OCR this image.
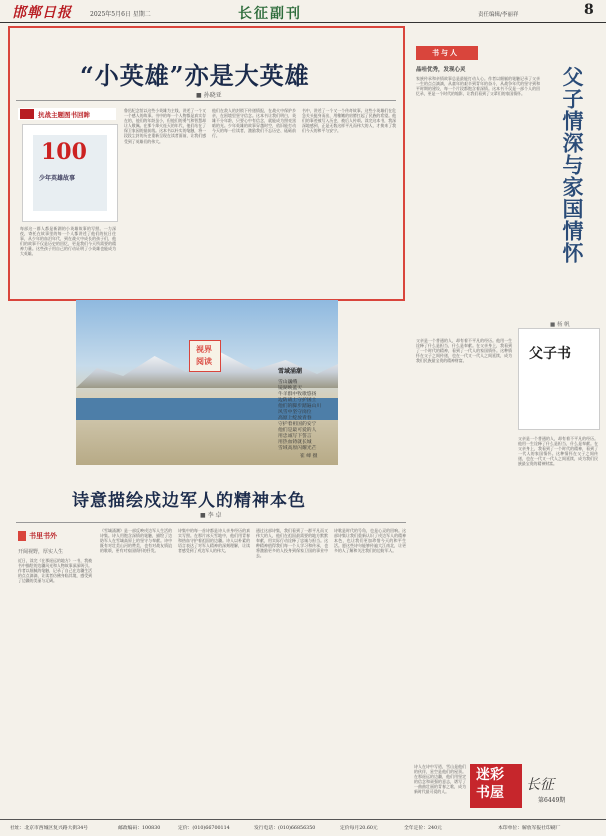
邯郸日报	2025年5月6日 星期二	长征副刊	责任编辑/李丽祥	8
“小英雄”亦是大英雄
■ 孙晓亚
抗战主题图书回眸
100
少年英雄故事
每部这一群人都是新湖的小英雄故事的写照。一力深夜，寄托在故事里的每一个人都讲述了他们的抗日往事，从少年的血泪年代，到在战火中成长的孩子们，他们的故事不仅是历史的回忆，更是我们今天所需要的精神力量。这些孩子用自己的行动证明了小英雄也能成为大英雄。
鲁迅纪念馆以这些小英雄为主线，讲述了一个又一个感人的故事。书中的每一个人物都是真实存在的，他们的年龄虽小，但他们的勇气和智慧却让人敬佩。在那个烽火连天的年代，他们站在了保卫家园的最前线。这本书以朴实的笔触，将一段段尘封的历史重新呈现在读者面前，让我们感受到了英雄们的伟大。
他们在敌人的封锁下传递情报，在战火中保护乡亲，在困境里坚守信念。这本书让我们明白，英雄不分年龄，只要心中有信念，就能成为照亮黑暗的光。少年英雄的故事穿越时空，依旧能打动今天的每一位读者，激励我们不忘历史、砥砺前行。
书中，讲述了一个又一个传奇故事。这些小英雄们在危急关头挺身而出，用稚嫩的肩膀扛起了民族的希望。他们的事迹被写入历史，被后人传颂。读完这本书，我深深地感到，正是无数这样平凡而伟大的人，才换来了我们今天的和平与安宁。
书与人
晶哇优秀，发现心灵
家族传承和亲情故事总是最能打动人心。作者以细腻的笔触记录了父亲一生的点点滴滴，从童年的艰辛到青年的奋斗，从战争年代的坚守到和平时期的建设，每一个片段都饱含着深情。这本书不仅是一部个人的回忆录，更是一个时代的缩影，让我们看到了父辈们的家国情怀。	父子情深与家国情怀
■ 杨 帆
父子书
父亲是一个普通的人，却有着不平凡的经历。他用一生诠释了什么是担当，什么是奉献。在父亲身上，我看到了一个时代的精神，看到了一代人的家国情怀。这种情怀在父子之间传递，也在一代又一代人之间延续，成为我们民族最宝贵的精神财富。
父亲是一个普通的人，却有着不平凡的经历。他用一生诠释了什么是担当，什么是奉献。在父亲身上，我看到了一个时代的精神，看到了一代人的家国情怀。这种情怀在父子之间传递，也在一代又一代人之间延续，成为我们民族最宝贵的精神财富。
视界阅读
雪域涌潮
雪山巍峨
镜湖映蓝天
牛羊群中牧歌悠扬
边防战士守护国土
他们的脚步踏遍山川
风雪中坚守岗位
高原上绽放青春
守护着祖国的安宁
他们是最可爱的人
用忠诚写下誓言
用热血铸就长城
雪域高原闪耀光芒
崔 峰 摄
诗意描绘戍边军人的精神本色
■ 李 卓
书里书外
开阔视野，厚实人生
近日，读完《在那遥远的地方》一书，我被书中描绘的边疆风光和人物故事深深吸引。作者以细腻的笔触，记录了自己在边疆生活的点点滴滴，让读者仿佛身临其境，感受到了边疆的美丽与辽阔。
《雪域涌潮》是一部反映戍边军人生活的诗集。诗人用饱含深情的笔触，描绘了边防军人在雪域高原上的坚守与奉献。诗中既有对壮美山河的赞美，也有对战友情谊的歌颂，更有对家国情怀的抒发。
诗集中的每一首诗都是诗人亲身经历的真实写照。在那片冰天雪地中，他们用青春和热血守护着祖国的边疆。诗人以朴素的语言表达了对军人精神的深刻理解，让读者感受到了戍边军人的伟大。
通过这部诗集，我们看到了一群平凡而又伟大的人，他们在祖国最需要的地方默默奉献，用实际行动诠释了忠诚与担当。这种精神值得我们每一个人学习和传承，也将激励更多的人投身到保家卫国的事业中去。
诗歌是时代的号角，也是心灵的回响。这部诗集让我们重新认识了戍边军人的精神本色，也让我们更加珍惜今天的和平生活。愿这些诗句能够传遍大江南北，让更多的人了解和关注我们的边防军人。
诗人在诗中写道，雪山是他们的伙伴，星空是他们的屋顶。在那遥远的边疆，他们用坚定的信念和顽强的意志，谱写了一曲曲壮丽的青春之歌，成为新时代最可爱的人。
迷彩书屋	长征
第6449期
社址：北京市西城区复兴路大街34号	邮政编码：100830	定价：(010)66700114	发行电话：(010)66856350	定价每月20.60元	全年定价：240元	本印单位：解放军报社印刷厂
